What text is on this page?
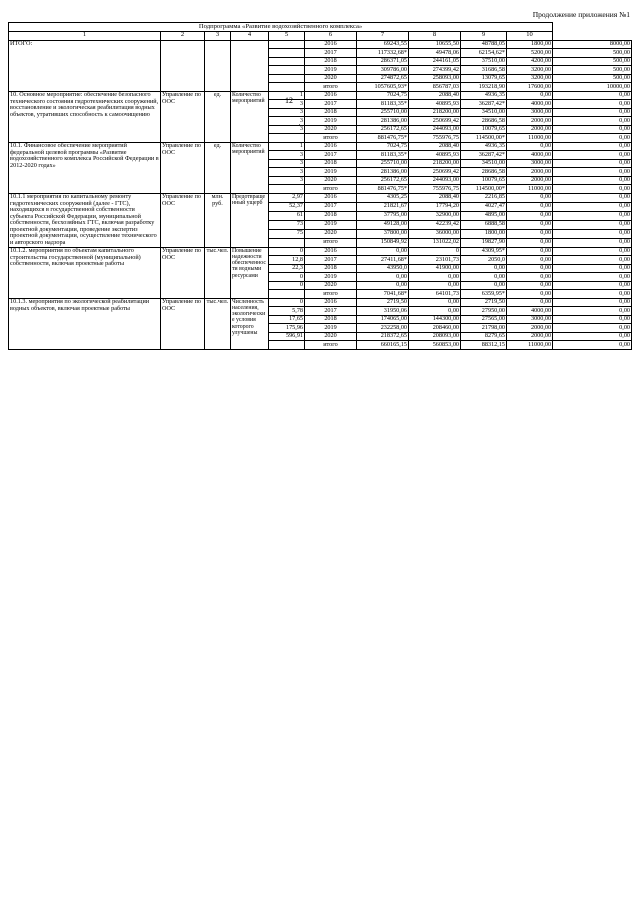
Продолжение приложения №1
12
·
Подпрограмма «Развитие водохозяйственного комплекса»										
1	2	3	4	5	6	7	8	9	10	
ИТОГО:					2016	69243,55	10655,50	48788,05	1800,00	8000,00
					2017	117332,68*	49478,06	62154,62*	5200,00	500,00
					2018	286371,05	244161,05	37510,00	4200,00	500,00
					2019	309786,00	274399,42	31686,58	3200,00	500,00
					2020	274872,65	258093,00	13079,65	3200,00	500,00
					итого	1057605,93*	856787,03	193218,90	17600,00	10000,00
10. Основное мероприятие: обеспечение безопасного технического состояния гидротехнических сооружений, восстановление и экологическая реабилитация водных объектов, утративших способность к самоочищению	Управление по ООС	ед.	Количество мероприятий	1	2016	7024,75	2088,40	4936,35	0,00	0,00
				3	2017	81183,35*	40895,93	36287,42*	4000,00	0,00
				3	2018	255710,00	218200,00	34510,00	3000,00	0,00
				3	2019	281386,00	250699,42	28686,58	2000,00	0,00
				3	2020	256172,65	244093,00	10079,65	2000,00	0,00
					итого	881476,75*	755976,75	114500,00*	11000,00	0,00
10.1. Финансовое обеспечение мероприятий федеральной целевой программы «Развитие водохозяйственного комплекса Российской Федерации в 2012-2020 годах»	Управление по ООС	ед.	Количество мероприятий	1	2016	7024,75	2088,40	4936,35	0,00	0,00
				3	2017	81183,35*	40895,93	36287,42*	4000,00	0,00
				3	2018	255710,00	218200,00	34510,00	3000,00	0,00
				3	2019	281386,00	250699,42	28686,58	2000,00	0,00
				3	2020	256172,65	244093,00	10079,65	2000,00	0,00
					итого	881476,75*	755976,75	114500,00*	11000,00	0,00
10.1.1 мероприятия по капитальному ремонту гидротехнических сооружений (далее - ГТС), находящихся в государственной собственности субъекта Российской Федерации, муниципальной собственности, бесхозяйных ГТС, включая разработку проектной документации, проведение экспертиз проектной документации, осуществление технического и авторского надзора	Управление по ООС	млн. руб.	Предотвращенный ущерб	2,97	2016	4305,25	2088,40	2216,85	0,00	0,00
				52,37	2017	21821,67	17794,20	4027,47	0,00	0,00
				61	2018	37795,00	32900,00	4895,00	0,00	0,00
				73	2019	49128,00	42239,42	6888,58	0,00	0,00
				75	2020	37800,00	36000,00	1800,00	0,00	0,00
					итого	150849,92	131022,02	19827,90	0,00	0,00
10.1.2. мероприятия по объектам капитального строительства государственной (муниципальной) собственности, включая проектные работы	Управление по ООС	тыс.чел.	Повышение надежности обеспеченности водными ресурсами	0	2016	0,00	0	4309,95*	0,00	0,00
				12,8	2017	27411,68*	23101,73	2050,0	0,00	0,00
				22,3	2018	43950,0	41900,00	0,00	0,00	0,00
				0	2019	0,00	0,00	0,00	0,00	0,00
				0	2020	0,00	0,00	0,00	0,00	0,00
					итого	7041,68*	64101,73	6359,95*	0,00	0,00
10.1.3. мероприятия по экологической реабилитации водных объектов, включая проектные работы	Управление по ООС	тыс.чел.	Численность населения, экологические условия которого улучшены	0	2016	2719,50	0,00	2719,50	0,00	0,00
				5,78	2017	31950,06	0,00	27950,00	4000,00	0,00
				17,65	2018	174065,00	144300,00	27565,00	3000,00	0,00
				175,96	2019	232258,00	208460,00	21798,00	2000,00	0,00
				596,91	2020	218372,65	208093,00	8279,65	2000,00	0,00
					итого	660165,15	560853,00	88312,15	11000,00	0,00
